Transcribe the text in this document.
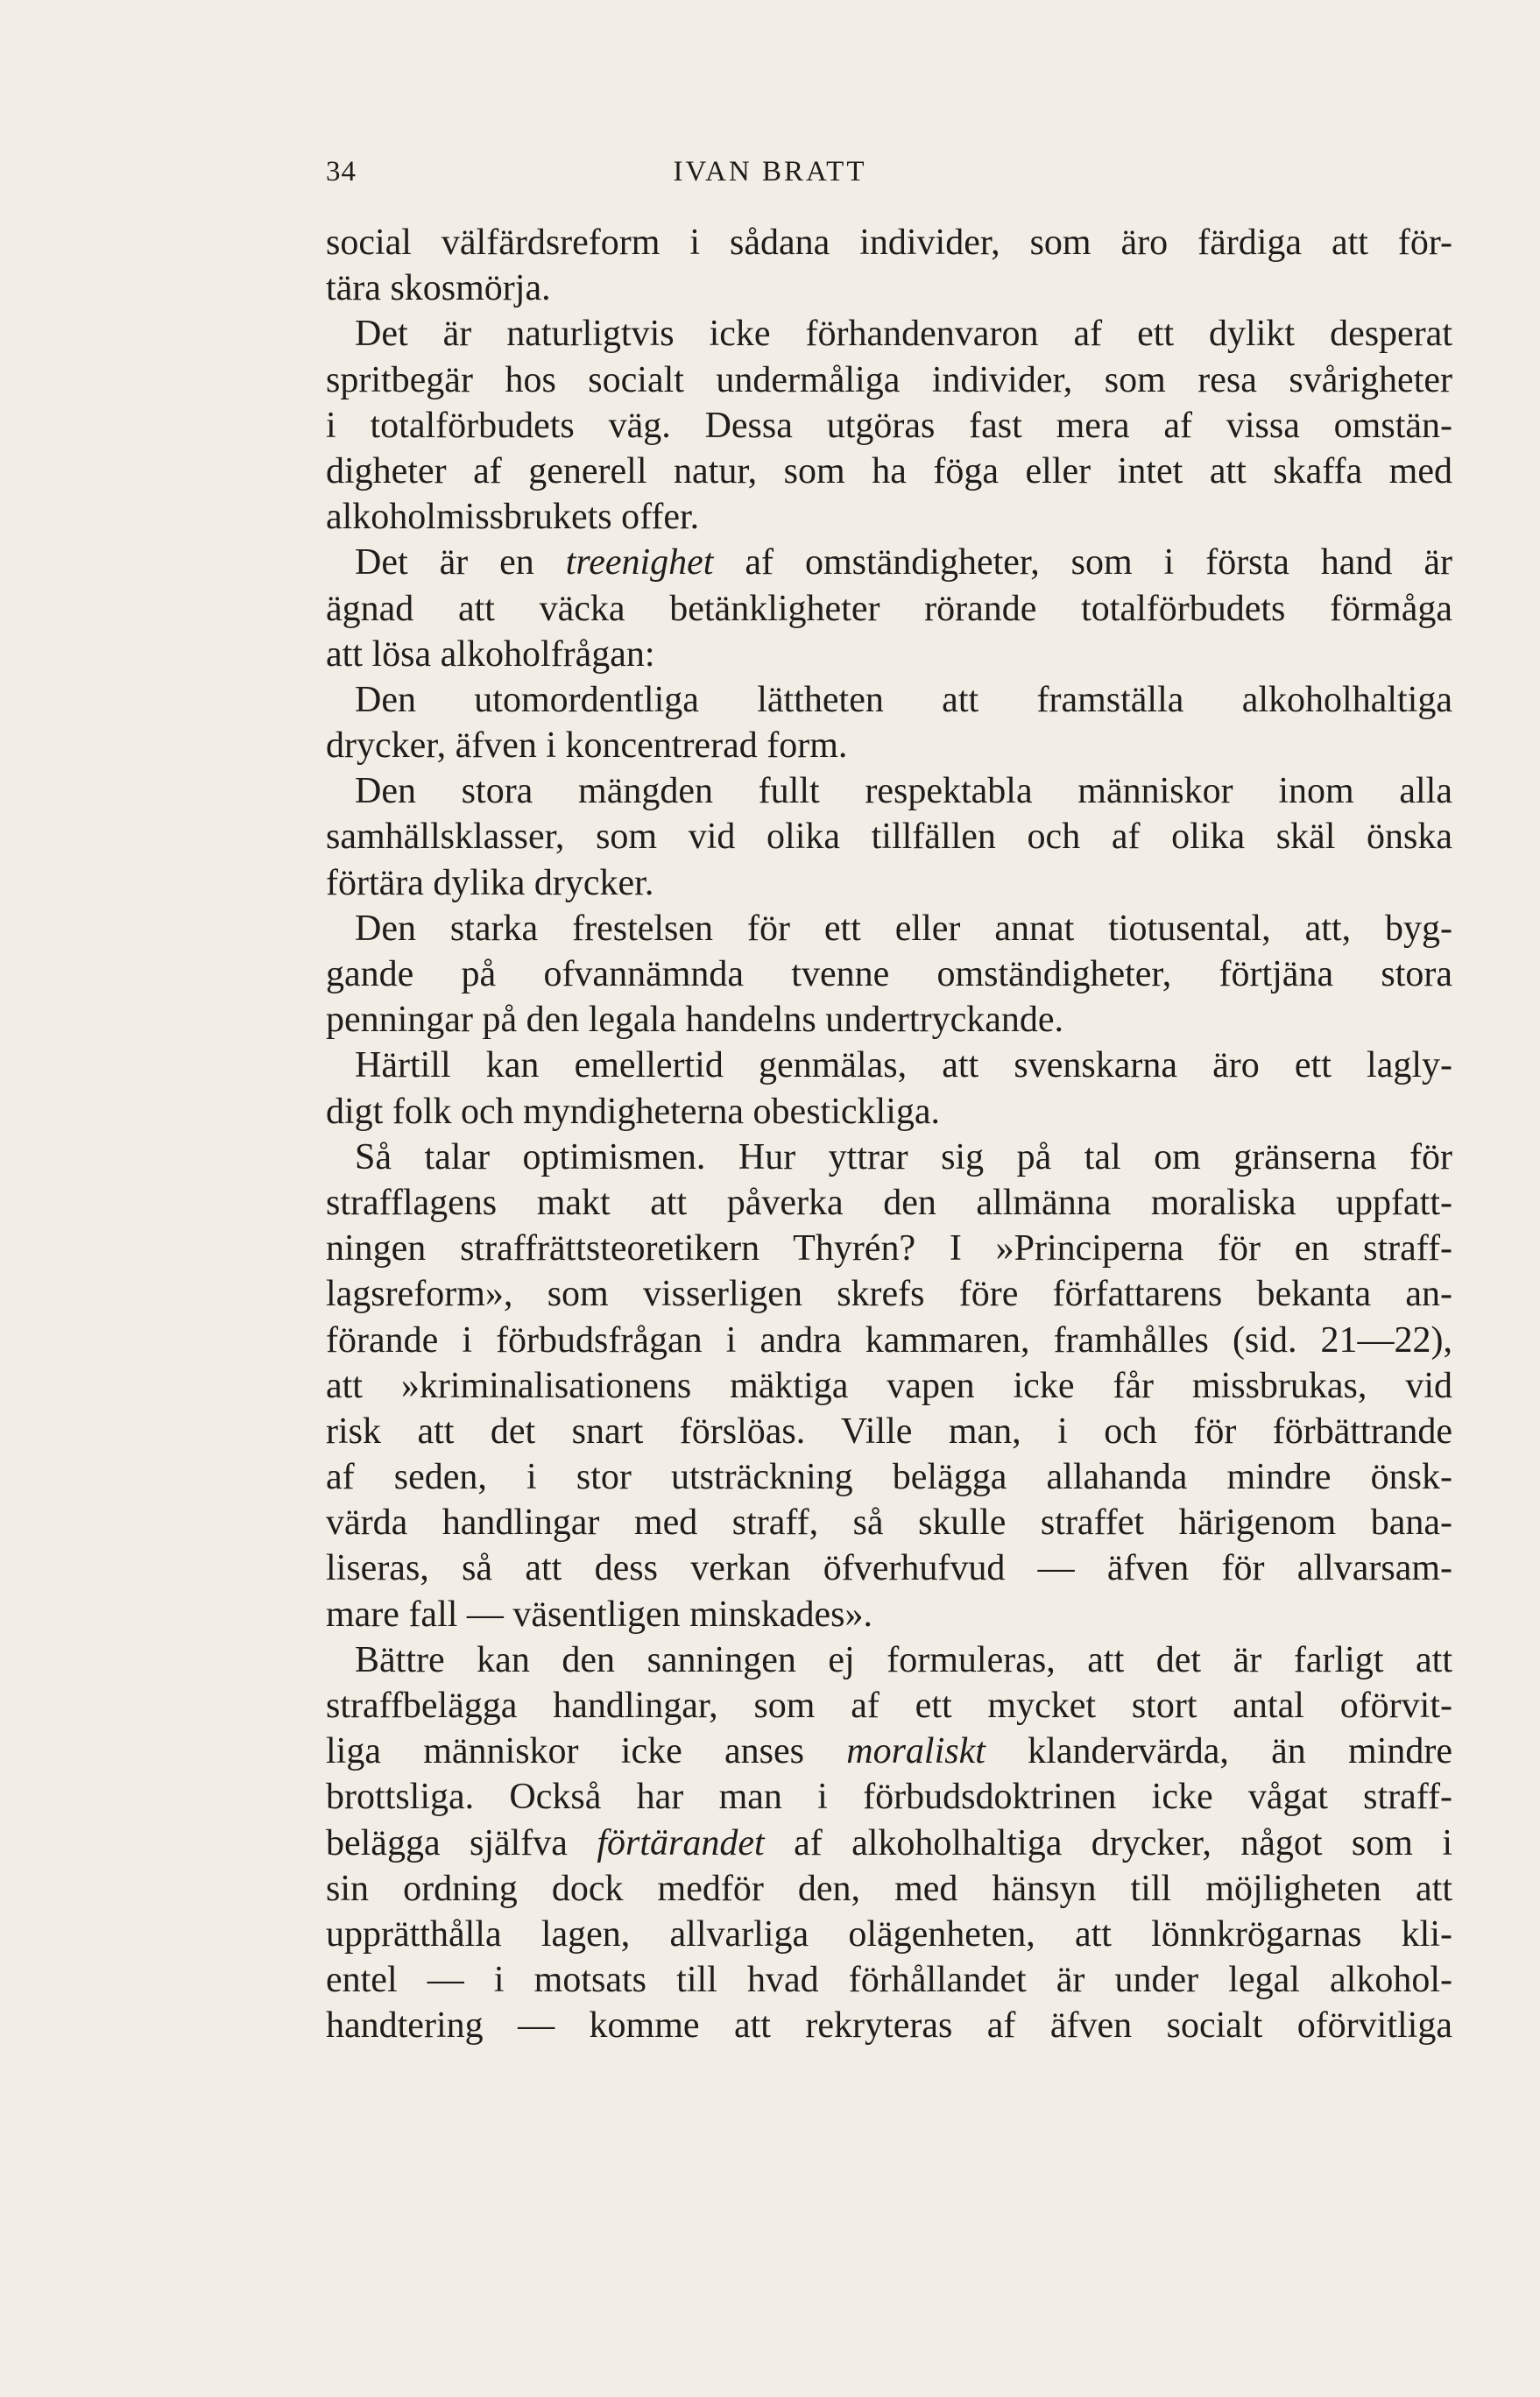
34	IVAN BRATT
social välfärdsreform i sådana individer, som äro färdiga att för-
tära skosmörja.
Det är naturligtvis icke förhandenvaron af ett dylikt desperat
spritbegär hos socialt undermåliga individer, som resa svårigheter
i totalförbudets väg. Dessa utgöras fast mera af vissa omstän-
digheter af generell natur, som ha föga eller intet att skaffa med
alkoholmissbrukets offer.
Det är en treenighet af omständigheter, som i första hand är
ägnad att väcka betänkligheter rörande totalförbudets förmåga
att lösa alkoholfrågan:
Den utomordentliga lättheten att framställa alkoholhaltiga
drycker, äfven i koncentrerad form.
Den stora mängden fullt respektabla människor inom alla
samhällsklasser, som vid olika tillfällen och af olika skäl önska
förtära dylika drycker.
Den starka frestelsen för ett eller annat tiotusental, att, byg-
gande på ofvannämnda tvenne omständigheter, förtjäna stora
penningar på den legala handelns undertryckande.
Härtill kan emellertid genmälas, att svenskarna äro ett lagly-
digt folk och myndigheterna obestickliga.
Så talar optimismen. Hur yttrar sig på tal om gränserna för
strafflagens makt att påverka den allmänna moraliska uppfatt-
ningen straffrättsteoretikern Thyrén? I »Principerna för en straff-
lagsreform», som visserligen skrefs före författarens bekanta an-
förande i förbudsfrågan i andra kammaren, framhålles (sid. 21—22),
att »kriminalisationens mäktiga vapen icke får missbrukas, vid
risk att det snart förslöas. Ville man, i och för förbättrande
af seden, i stor utsträckning belägga allahanda mindre önsk-
värda handlingar med straff, så skulle straffet härigenom bana-
liseras, så att dess verkan öfverhufvud — äfven för allvarsam-
mare fall — väsentligen minskades».
Bättre kan den sanningen ej formuleras, att det är farligt att
straffbelägga handlingar, som af ett mycket stort antal oförvit-
liga människor icke anses moraliskt klandervärda, än mindre
brottsliga. Också har man i förbudsdoktrinen icke vågat straff-
belägga själfva förtärandet af alkoholhaltiga drycker, något som i
sin ordning dock medför den, med hänsyn till möjligheten att
upprätthålla lagen, allvarliga olägenheten, att lönnkrögarnas kli-
entel — i motsats till hvad förhållandet är under legal alkohol-
handtering — komme att rekryteras af äfven socialt oförvitliga
